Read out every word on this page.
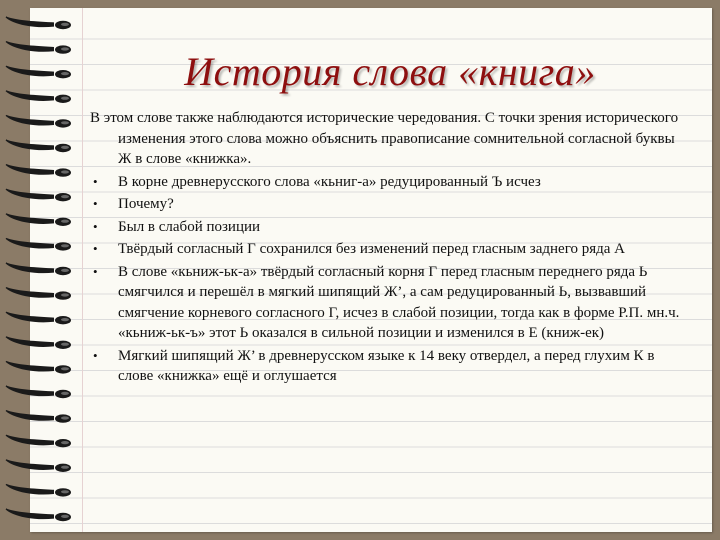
История слова «книга»

В этом слове также наблюдаются исторические чередования. С точки зрения исторического изменения этого слова можно объяснить правописание сомнительной согласной буквы Ж в слове «книжка».

• В корне древнерусского слова «кьниг-а» редуцированный Ъ исчез
• Почему?
• Был в слабой позиции
• Твёрдый согласный Г сохранился без изменений перед гласным заднего ряда А
• В слове «кьниж-ьк-а» твёрдый согласный корня Г перед гласным переднего ряда Ь смягчился и перешёл в мягкий шипящий Ж’, а сам редуцированный Ь, вызвавший смягчение корневого согласного Г, исчез в слабой позиции, тогда как в форме Р.П. мн.ч. «кьниж-ьк-ъ» этот Ь оказался в сильной позиции и изменился в Е (книж-ек)
• Мягкий шипящий Ж’ в древнерусском языке к 14 веку отвердел, а перед глухим К в слове «книжка» ещё и оглушается
